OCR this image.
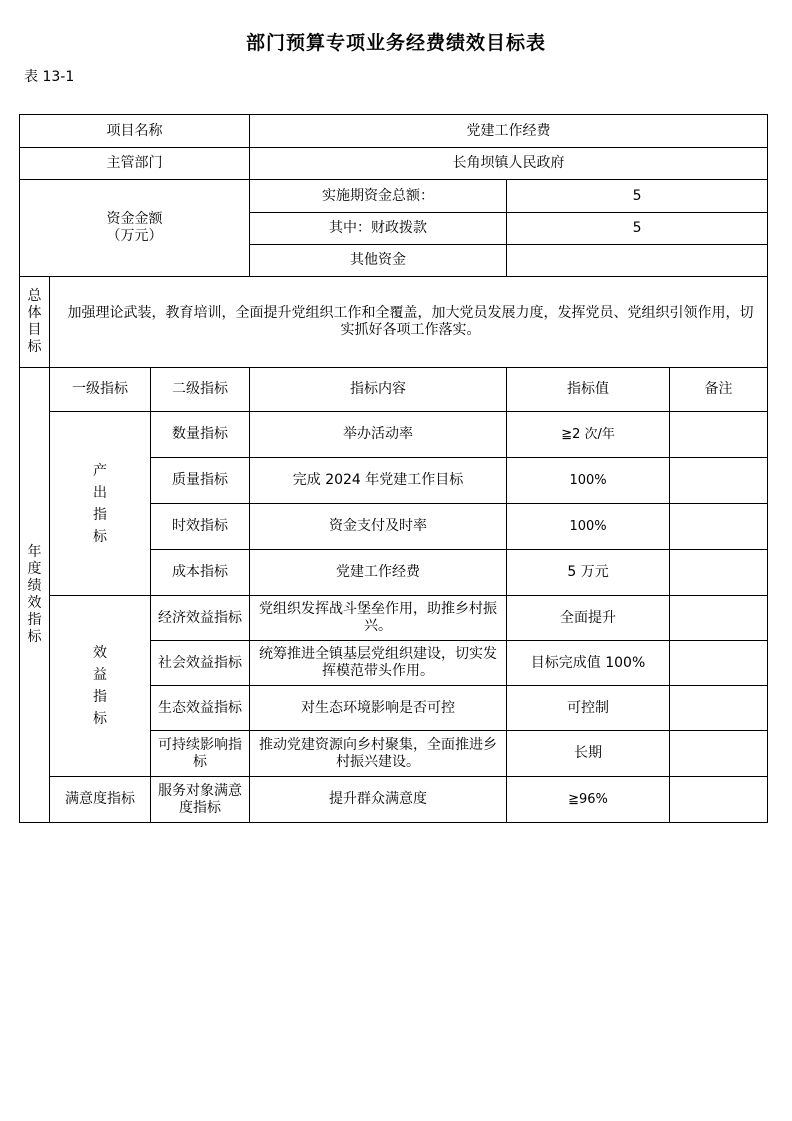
部门预算专项业务经费绩效目标表
表 13-1
项目名称			党建工作经费		
主管部门			长角坝镇人民政府		

资金金额
（万元）			实施期资金总额：	5	
			其中：财政拨款	5	
			其他资金		
总体目标	加强理论武装，教育培训，全面提升党组织工作和全覆盖，加大党员发展力度，发挥党员、党组织引领作用，切实抓好各项工作落实。				
年度绩效指标	一级指标	二级指标	指标内容	指标值	备注

	产出指标	数量指标	举办活动率	≧2 次/年	
		质量指标	完成 2024 年党建工作目标	100%	
		时效指标	资金支付及时率	100%	
		成本指标	党建工作经费	5 万元	

	效益指标	经济效益指标	党组织发挥战斗堡垒作用，助推乡村振兴。	全面提升	
		社会效益指标	统筹推进全镇基层党组织建设，切实发挥模范带头作用。	目标完成值 100%	
		生态效益指标	对生态环境影响是否可控	可控制	
		可持续影响指标	推动党建资源向乡村聚集，全面推进乡村振兴建设。	长期	
	满意度指标	服务对象满意度指标	提升群众满意度	≧96%	
